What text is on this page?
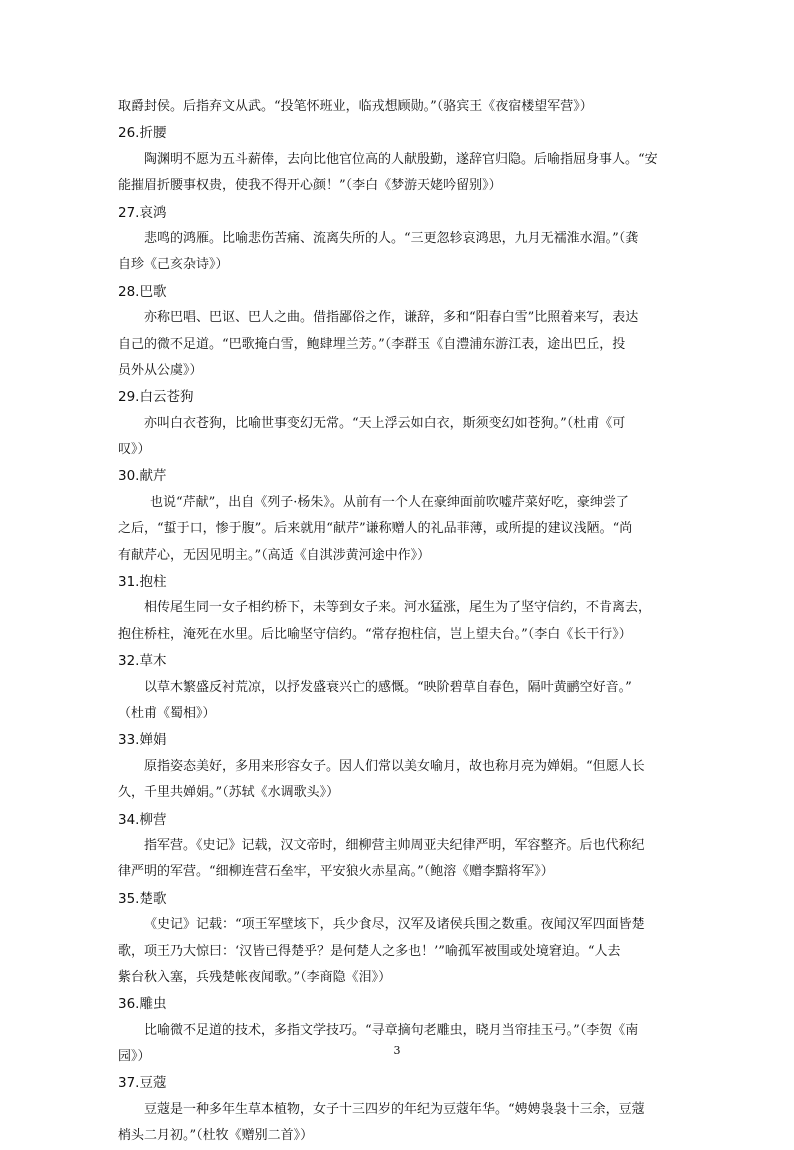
取爵封侯。后指弃文从武。“投笔怀班业，临戎想顾勋。”（骆宾王《夜宿楼望军营》）
26.折腰
陶渊明不愿为五斗薪俸，去向比他官位高的人献殷勤，遂辞官归隐。后喻指屈身事人。“安
能摧眉折腰事权贵，使我不得开心颜！”（李白《梦游天姥吟留别》）
27.哀鸿
悲鸣的鸿雁。比喻悲伤苦痛、流离失所的人。“三更忽轸哀鸿思，九月无襦淮水湄。”（龚
自珍《己亥杂诗》）
28.巴歌
亦称巴唱、巴讴、巴人之曲。借指鄙俗之作，谦辞，多和“阳春白雪”比照着来写，表达
自己的微不足道。“巴歌掩白雪，鲍肆埋兰芳。”（李群玉《自澧浦东游江表，途出巴丘，投
员外从公虞》）
29.白云苍狗
亦叫白衣苍狗，比喻世事变幻无常。“天上浮云如白衣，斯须变幻如苍狗。”（杜甫《可
叹》）
30.献芹
也说“芹献”，出自《列子·杨朱》。从前有一个人在豪绅面前吹嘘芹菜好吃，豪绅尝了
之后，“蜇于口，惨于腹”。后来就用“献芹”谦称赠人的礼品菲薄，或所提的建议浅陋。“尚
有献芹心，无因见明主。”（高适《自淇涉黄河途中作》）
31.抱柱
相传尾生同一女子相约桥下，未等到女子来。河水猛涨，尾生为了坚守信约，不肯离去，
抱住桥柱，淹死在水里。后比喻坚守信约。“常存抱柱信，岂上望夫台。”（李白《长干行》）
32.草木
以草木繁盛反衬荒凉，以抒发盛衰兴亡的感慨。“映阶碧草自春色，隔叶黄鹂空好音。”
（杜甫《蜀相》）
33.婵娟
原指姿态美好，多用来形容女子。因人们常以美女喻月，故也称月亮为婵娟。“但愿人长
久，千里共婵娟。”（苏轼《水调歌头》）
34.柳营
指军营。《史记》记载，汉文帝时，细柳营主帅周亚夫纪律严明，军容整齐。后也代称纪
律严明的军营。“细柳连营石垒牢，平安狼火赤星高。”（鲍溶《赠李黯将军》）
35.楚歌
《史记》记载：“项王军壁垓下，兵少食尽，汉军及诸侯兵围之数重。夜闻汉军四面皆楚
歌，项王乃大惊曰：‘汉皆已得楚乎？是何楚人之多也！’”喻孤军被围或处境窘迫。“人去
紫台秋入塞，兵残楚帐夜闻歌。”（李商隐《泪》）
36.雕虫
比喻微不足道的技术，多指文学技巧。“寻章摘句老雕虫，晓月当帘挂玉弓。”（李贺《南
园》）
37.豆蔻
豆蔻是一种多年生草本植物，女子十三四岁的年纪为豆蔻年华。“娉娉袅袅十三余，豆蔻
梢头二月初。”（杜牧《赠别二首》）
3
